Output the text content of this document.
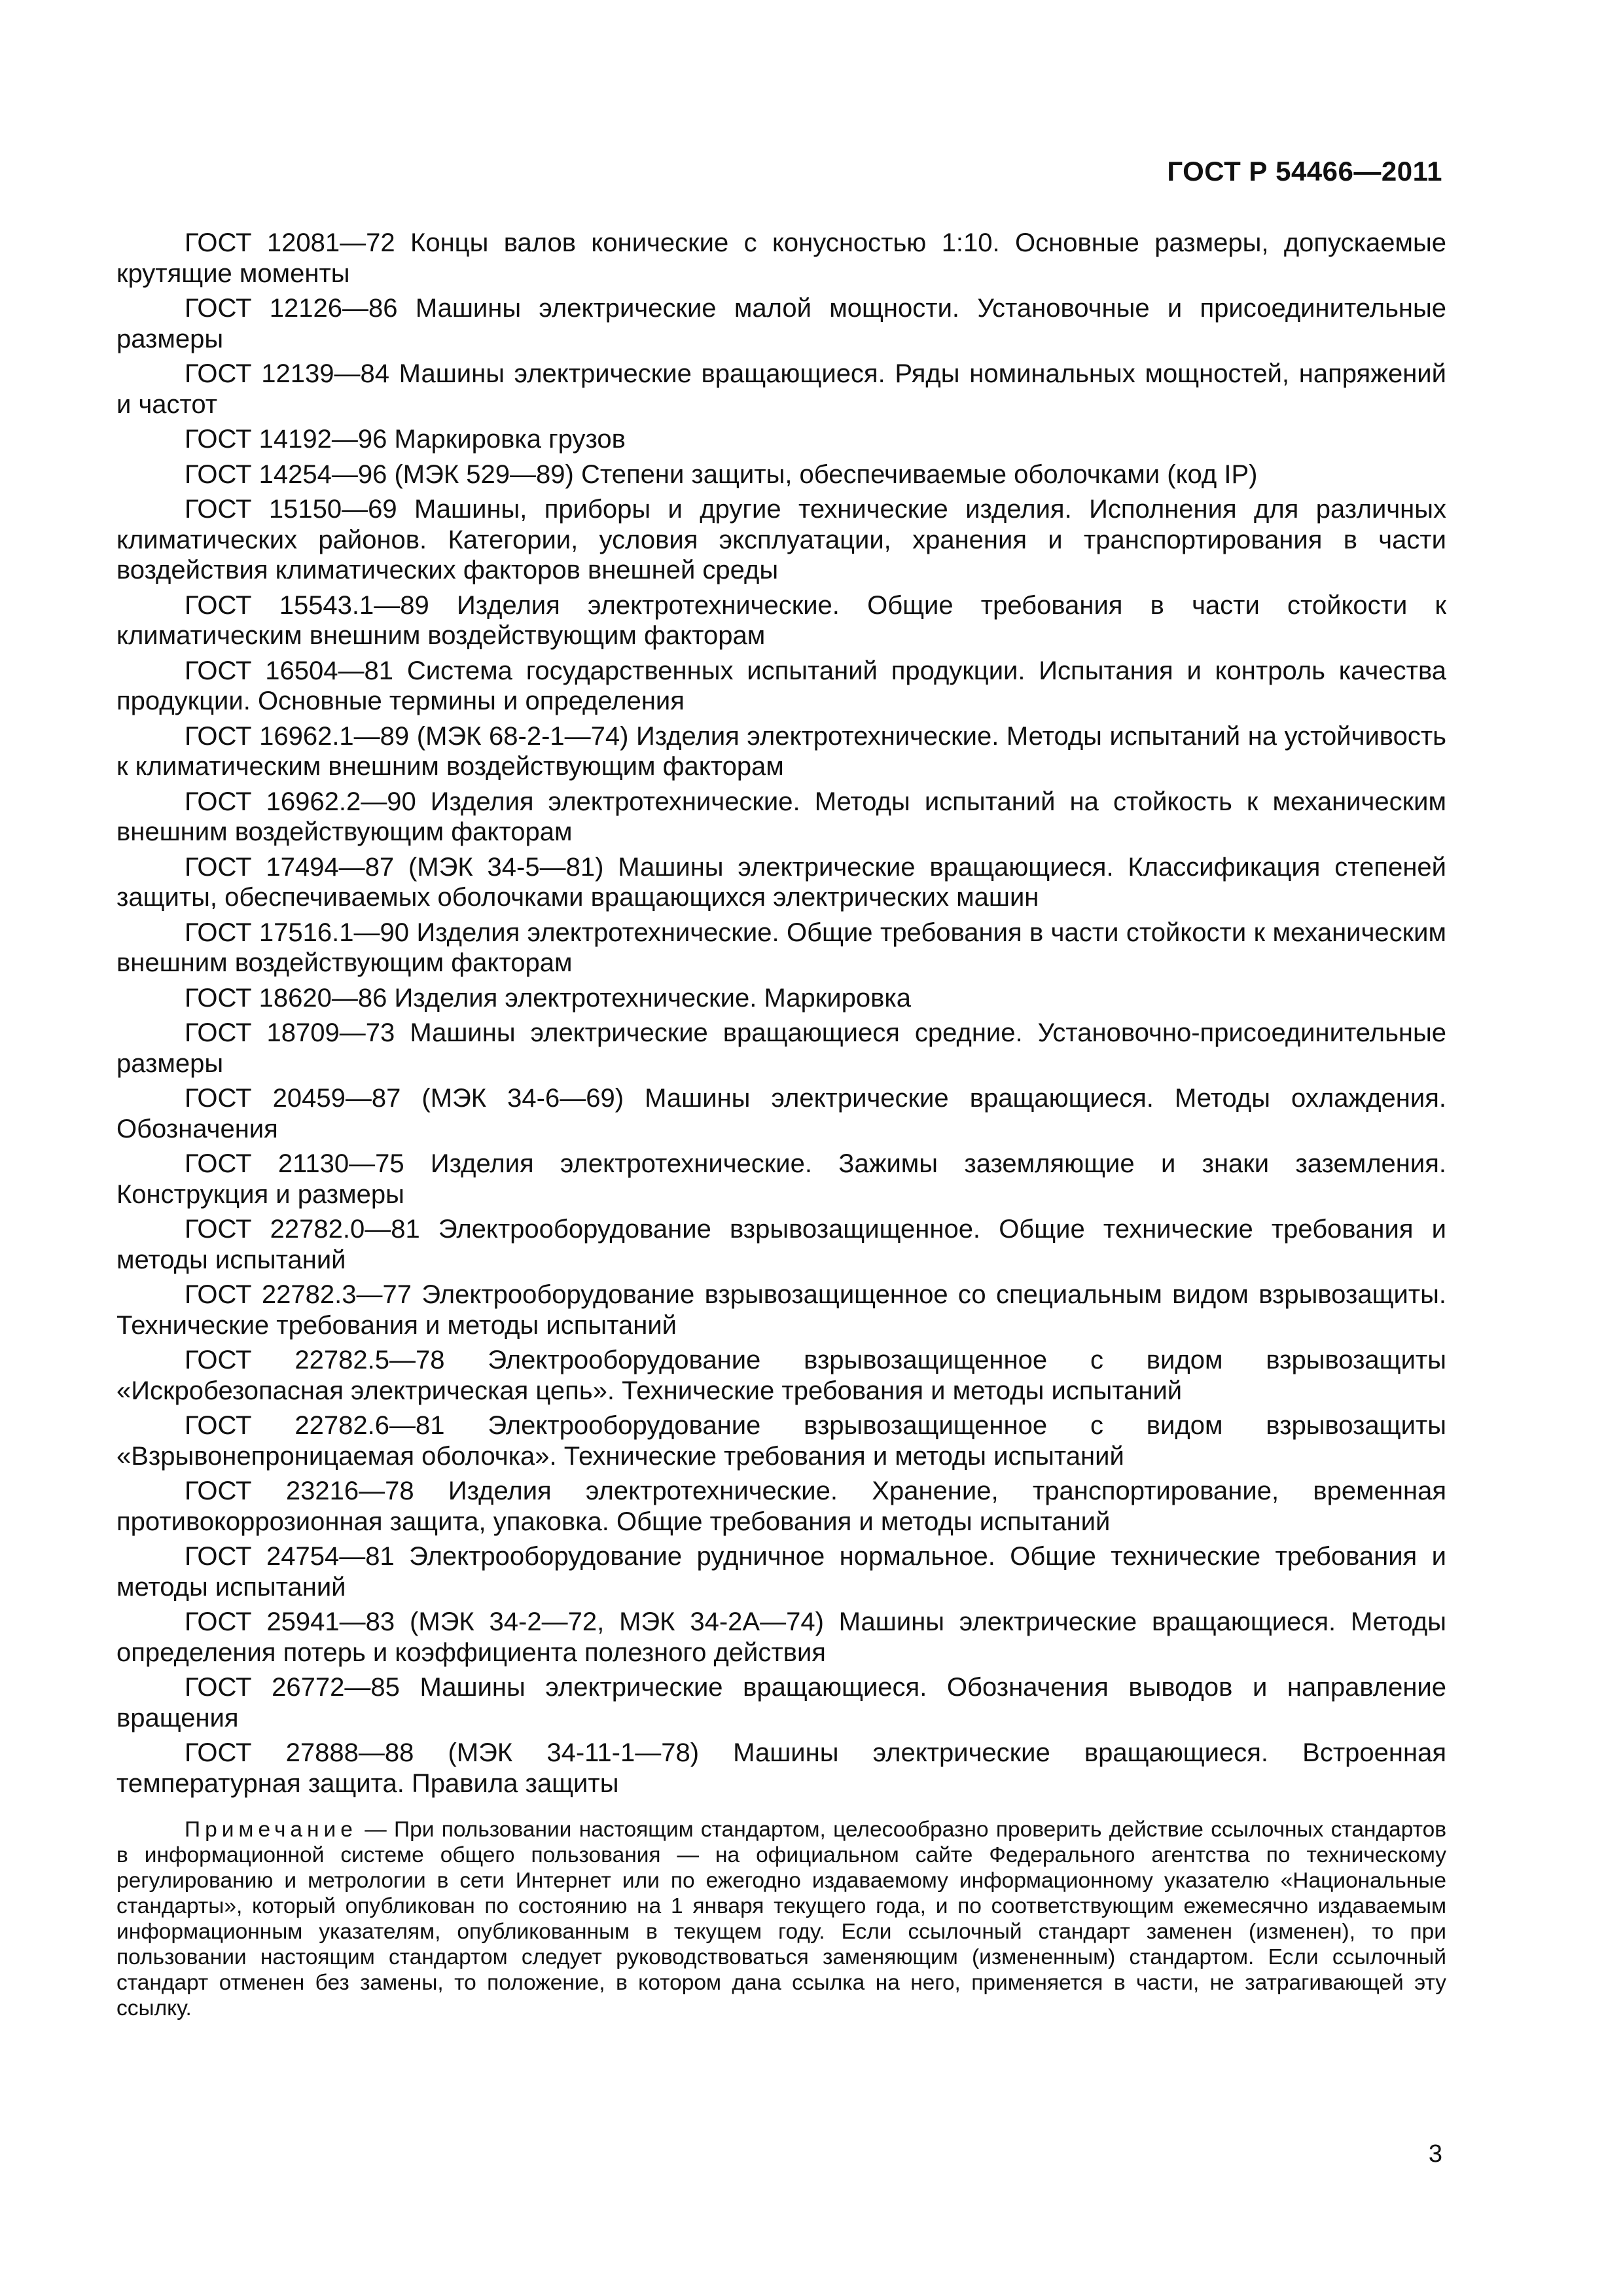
ГОСТ Р 54466—2011

ГОСТ 12081—72 Концы валов конические с конусностью 1:10. Основные размеры, допускаемые крутящие моменты

ГОСТ 12126—86 Машины электрические малой мощности. Установочные и присоединительные размеры

ГОСТ 12139—84 Машины электрические вращающиеся. Ряды номинальных мощностей, напряжений и частот

ГОСТ 14192—96 Маркировка грузов

ГОСТ 14254—96 (МЭК 529—89) Степени защиты, обеспечиваемые оболочками (код IP)

ГОСТ 15150—69 Машины, приборы и другие технические изделия. Исполнения для различных климатических районов. Категории, условия эксплуатации, хранения и транспортирования в части воздействия климатических факторов внешней среды

ГОСТ 15543.1—89 Изделия электротехнические. Общие требования в части стойкости к климатическим внешним воздействующим факторам

ГОСТ 16504—81 Система государственных испытаний продукции. Испытания и контроль качества продукции. Основные термины и определения

ГОСТ 16962.1—89 (МЭК 68-2-1—74) Изделия электротехнические. Методы испытаний на устойчивость к климатическим внешним воздействующим факторам

ГОСТ 16962.2—90 Изделия электротехнические. Методы испытаний на стойкость к механическим внешним воздействующим факторам

ГОСТ 17494—87 (МЭК 34-5—81) Машины электрические вращающиеся. Классификация степеней защиты, обеспечиваемых оболочками вращающихся электрических машин

ГОСТ 17516.1—90 Изделия электротехнические. Общие требования в части стойкости к механическим внешним воздействующим факторам

ГОСТ 18620—86 Изделия электротехнические. Маркировка

ГОСТ 18709—73 Машины электрические вращающиеся средние. Установочно-присоединительные размеры

ГОСТ 20459—87 (МЭК 34-6—69) Машины электрические вращающиеся. Методы охлаждения. Обозначения

ГОСТ 21130—75 Изделия электротехнические. Зажимы заземляющие и знаки заземления. Конструкция и размеры

ГОСТ 22782.0—81 Электрооборудование взрывозащищенное. Общие технические требования и методы испытаний

ГОСТ 22782.3—77 Электрооборудование взрывозащищенное со специальным видом взрывозащиты. Технические требования и методы испытаний

ГОСТ 22782.5—78 Электрооборудование взрывозащищенное с видом взрывозащиты «Искробезопасная электрическая цепь». Технические требования и методы испытаний

ГОСТ 22782.6—81 Электрооборудование взрывозащищенное с видом взрывозащиты «Взрывонепроницаемая оболочка». Технические требования и методы испытаний

ГОСТ 23216—78 Изделия электротехнические. Хранение, транспортирование, временная противокоррозионная защита, упаковка. Общие требования и методы испытаний

ГОСТ 24754—81 Электрооборудование рудничное нормальное. Общие технические требования и методы испытаний

ГОСТ 25941—83 (МЭК 34-2—72, МЭК 34-2А—74) Машины электрические вращающиеся. Методы определения потерь и коэффициента полезного действия

ГОСТ 26772—85 Машины электрические вращающиеся. Обозначения выводов и направление вращения

ГОСТ 27888—88 (МЭК 34-11-1—78) Машины электрические вращающиеся. Встроенная температурная защита. Правила защиты

Примечание — При пользовании настоящим стандартом, целесообразно проверить действие ссылочных стандартов в информационной системе общего пользования — на официальном сайте Федерального агентства по техническому регулированию и метрологии в сети Интернет или по ежегодно издаваемому информационному указателю «Национальные стандарты», который опубликован по состоянию на 1 января текущего года, и по соответствующим ежемесячно издаваемым информационным указателям, опубликованным в текущем году. Если ссылочный стандарт заменен (изменен), то при пользовании настоящим стандартом следует руководствоваться заменяющим (измененным) стандартом. Если ссылочный стандарт отменен без замены, то положение, в котором дана ссылка на него, применяется в части, не затрагивающей эту ссылку.

3
